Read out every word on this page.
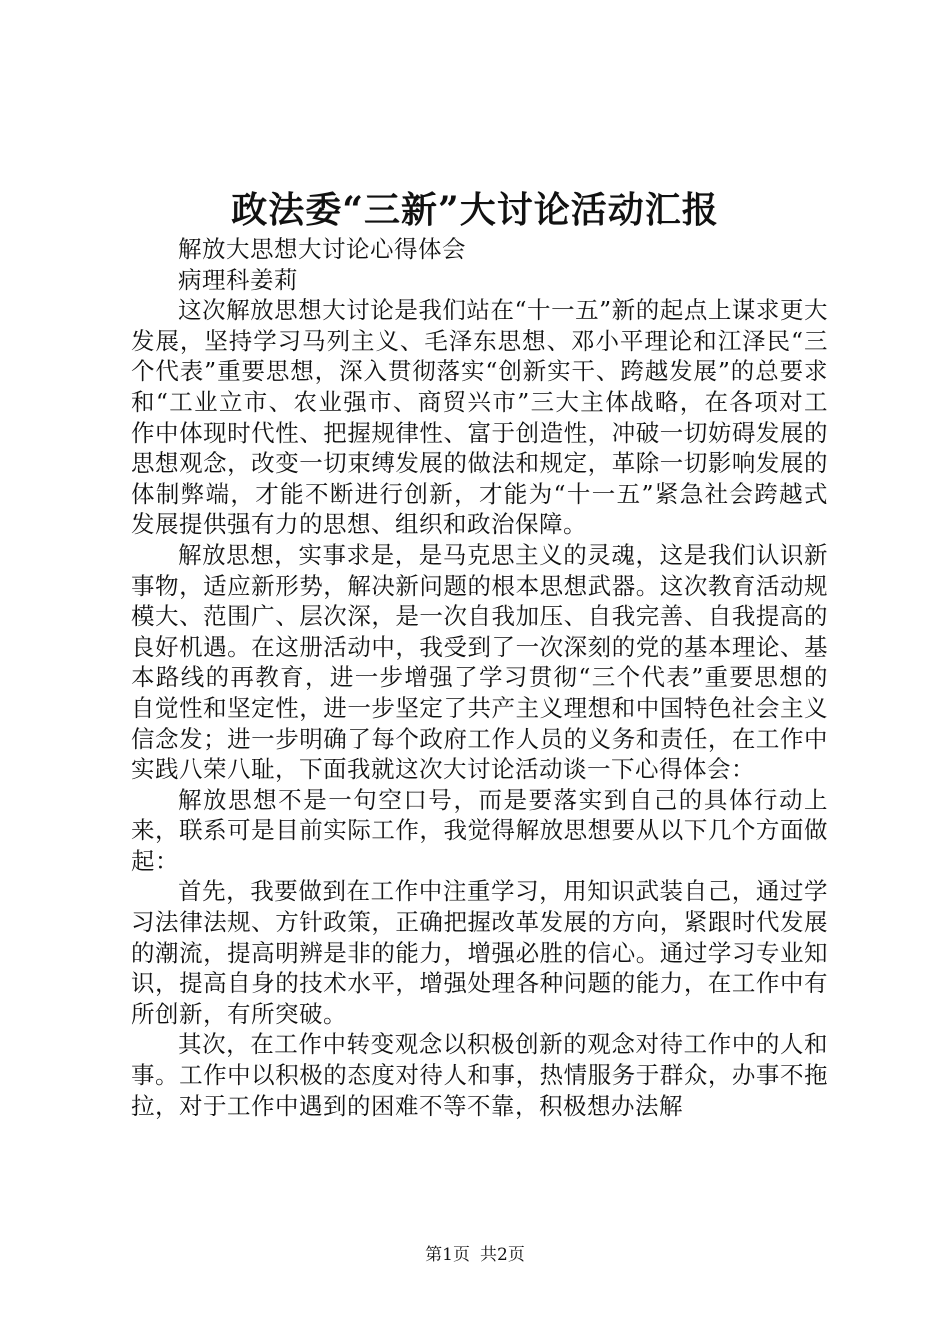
政法委“三新”大讨论活动汇报

解放大思想大讨论心得体会

病理科姜莉

这次解放思想大讨论是我们站在“十一五”新的起点上谋求更大发展，坚持学习马列主义、毛泽东思想、邓小平理论和江泽民“三个代表”重要思想，深入贯彻落实“创新实干、跨越发展”的总要求和“工业立市、农业强市、商贸兴市”三大主体战略，在各项对工作中体现时代性、把握规律性、富于创造性，冲破一切妨碍发展的思想观念，改变一切束缚发展的做法和规定，革除一切影响发展的体制弊端，才能不断进行创新，才能为“十一五”紧急社会跨越式发展提供强有力的思想、组织和政治保障。

解放思想，实事求是，是马克思主义的灵魂，这是我们认识新事物，适应新形势，解决新问题的根本思想武器。这次教育活动规模大、范围广、层次深，是一次自我加压、自我完善、自我提高的良好机遇。在这册活动中，我受到了一次深刻的党的基本理论、基本路线的再教育，进一步增强了学习贯彻“三个代表”重要思想的自觉性和坚定性，进一步坚定了共产主义理想和中国特色社会主义信念发；进一步明确了每个政府工作人员的义务和责任，在工作中实践八荣八耻，下面我就这次大讨论活动谈一下心得体会：

解放思想不是一句空口号，而是要落实到自己的具体行动上来，联系可是目前实际工作，我觉得解放思想要从以下几个方面做起：

首先，我要做到在工作中注重学习，用知识武装自己，通过学习法律法规、方针政策，正确把握改革发展的方向，紧跟时代发展的潮流，提高明辨是非的能力，增强必胜的信心。通过学习专业知识，提高自身的技术水平，增强处理各种问题的能力，在工作中有所创新，有所突破。

其次，在工作中转变观念以积极创新的观念对待工作中的人和事。工作中以积极的态度对待人和事，热情服务于群众，办事不拖拉，对于工作中遇到的困难不等不靠，积极想办法解

第1页 共2页
